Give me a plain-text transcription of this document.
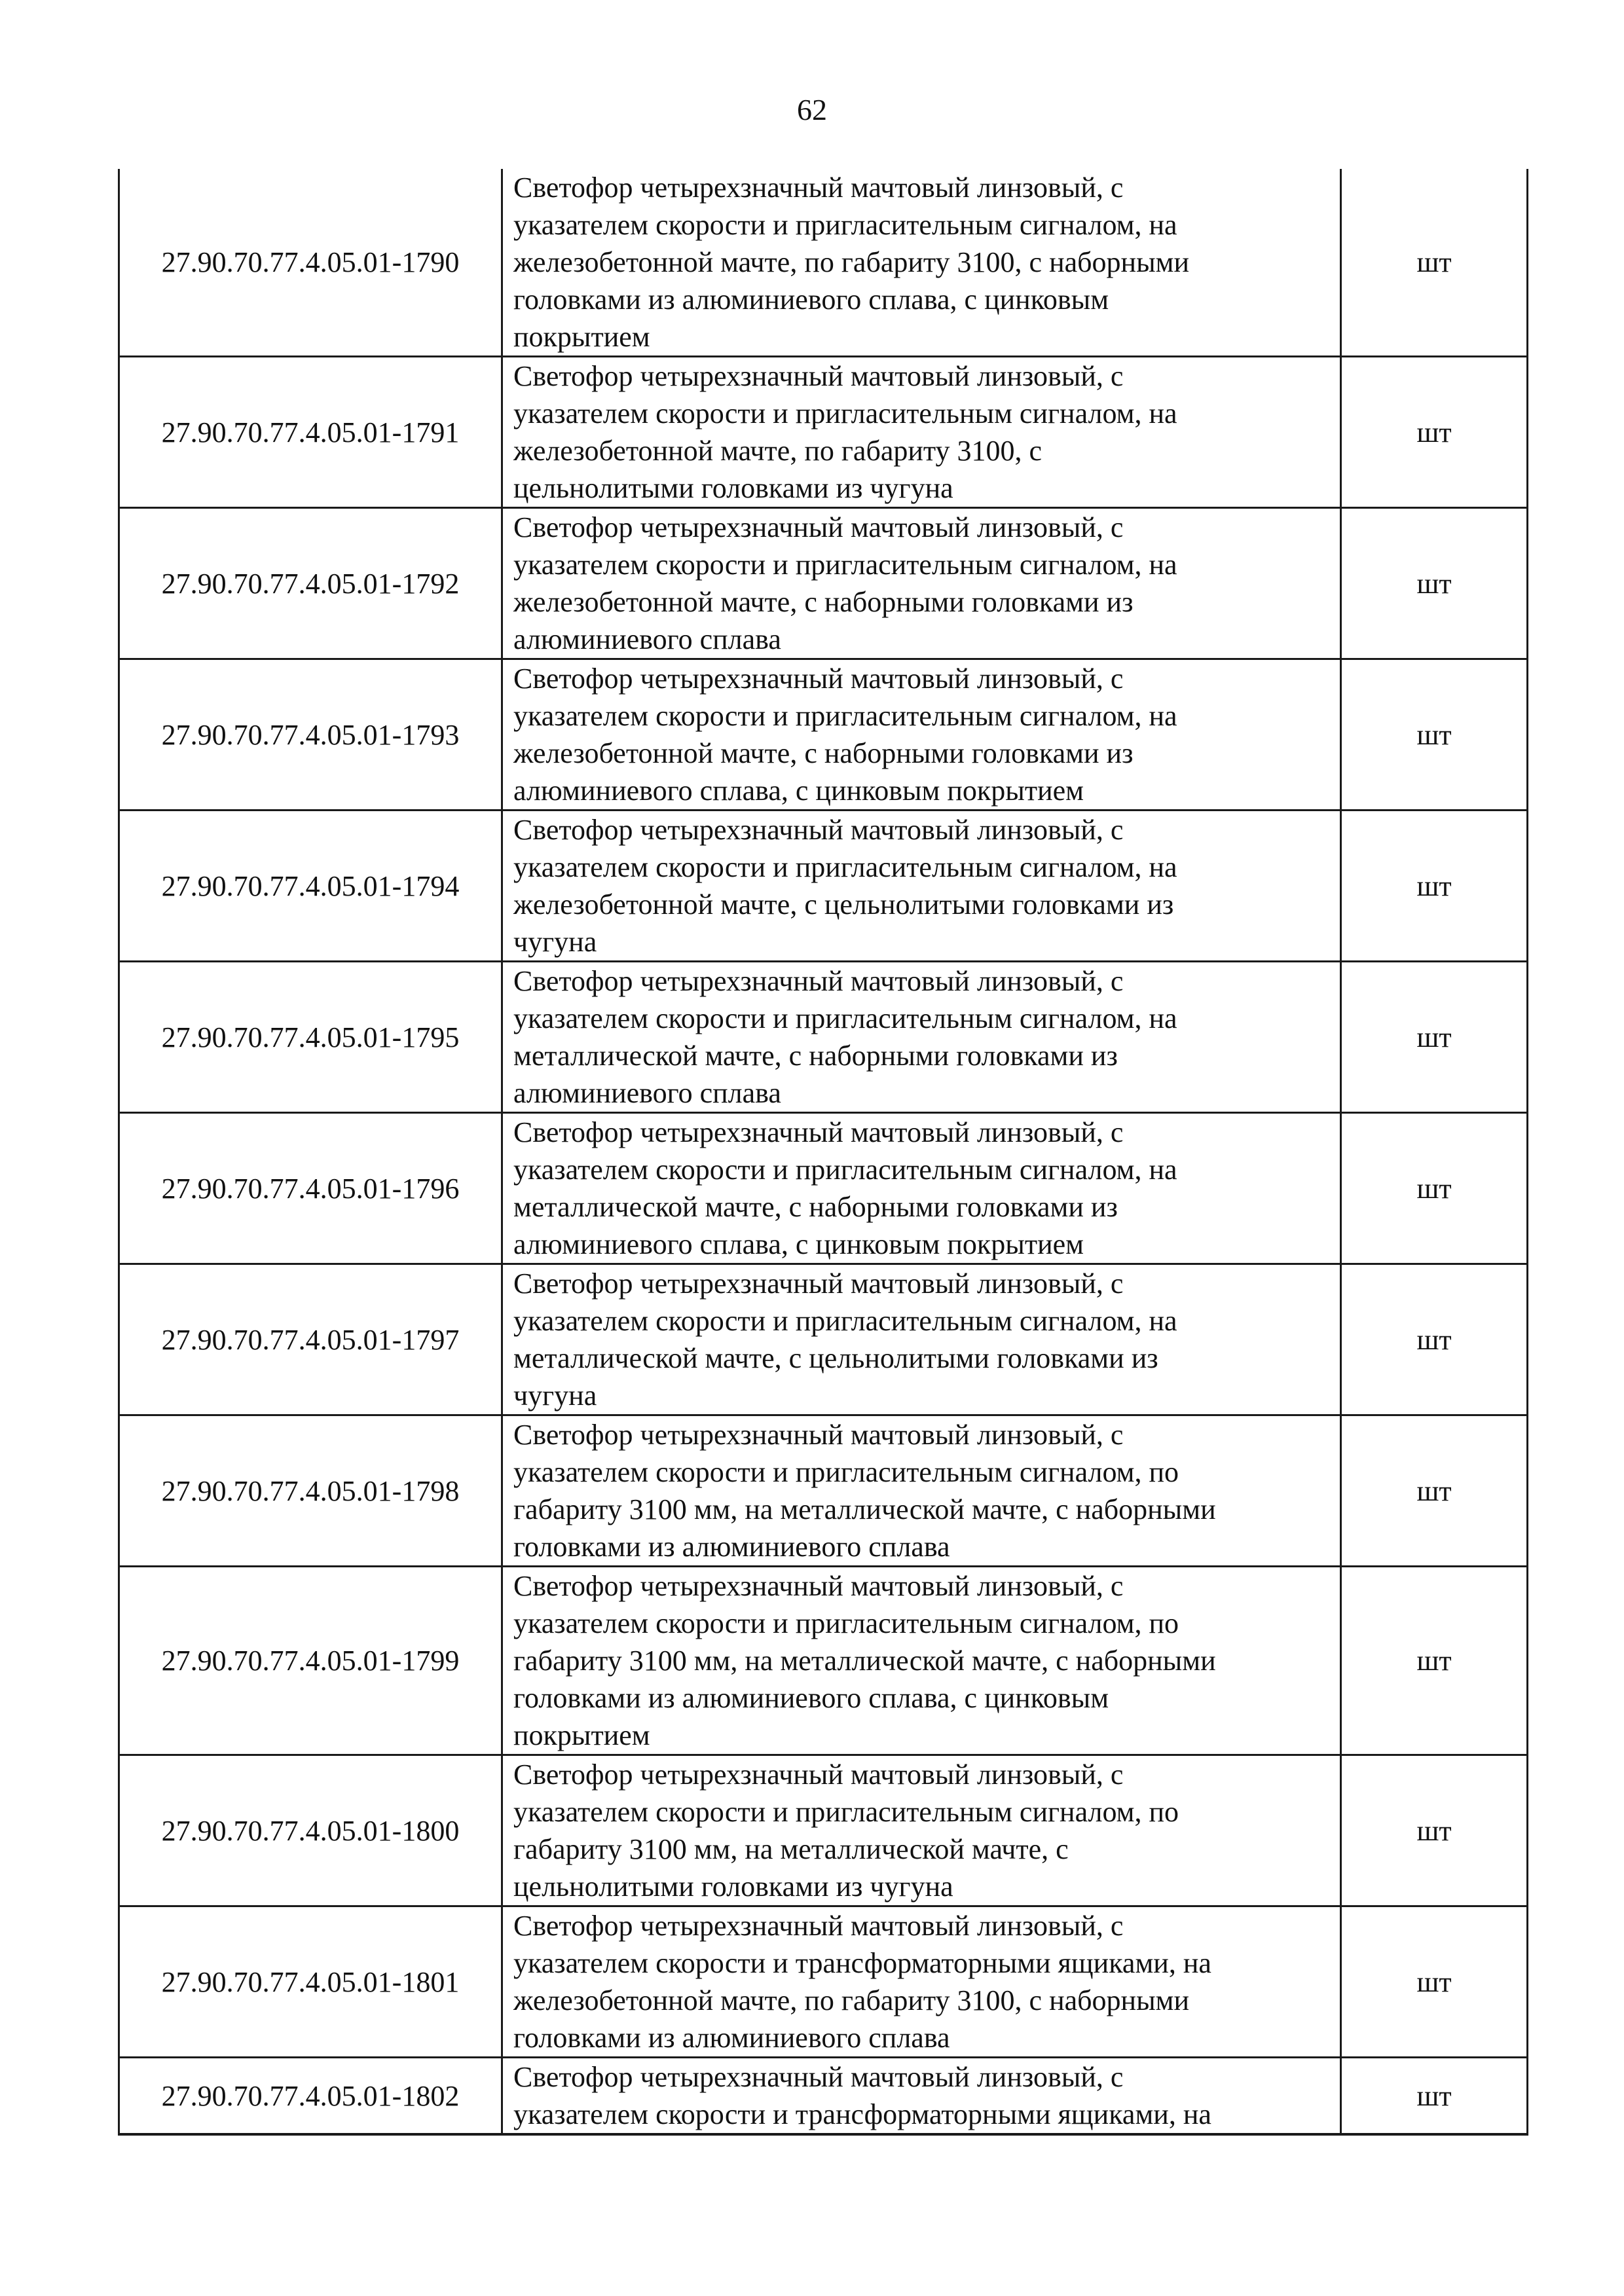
62
27.90.70.77.4.05.01-1790	Светофор четырехзначный мачтовый линзовый, с
указателем скорости и пригласительным сигналом, на
железобетонной мачте, по габариту 3100, с наборными
головками из алюминиевого сплава, с цинковым
покрытием	шт
27.90.70.77.4.05.01-1791	Светофор четырехзначный мачтовый линзовый, с
указателем скорости и пригласительным сигналом, на
железобетонной мачте, по габариту 3100, с
цельнолитыми головками из чугуна	шт
27.90.70.77.4.05.01-1792	Светофор четырехзначный мачтовый линзовый, с
указателем скорости и пригласительным сигналом, на
железобетонной мачте, с наборными головками из
алюминиевого сплава	шт
27.90.70.77.4.05.01-1793	Светофор четырехзначный мачтовый линзовый, с
указателем скорости и пригласительным сигналом, на
железобетонной мачте, с наборными головками из
алюминиевого сплава, с цинковым покрытием	шт
27.90.70.77.4.05.01-1794	Светофор четырехзначный мачтовый линзовый, с
указателем скорости и пригласительным сигналом, на
железобетонной мачте, с цельнолитыми головками из
чугуна	шт
27.90.70.77.4.05.01-1795	Светофор четырехзначный мачтовый линзовый, с
указателем скорости и пригласительным сигналом, на
металлической мачте, с наборными головками из
алюминиевого сплава	шт
27.90.70.77.4.05.01-1796	Светофор четырехзначный мачтовый линзовый, с
указателем скорости и пригласительным сигналом, на
металлической мачте, с наборными головками из
алюминиевого сплава, с цинковым покрытием	шт
27.90.70.77.4.05.01-1797	Светофор четырехзначный мачтовый линзовый, с
указателем скорости и пригласительным сигналом, на
металлической мачте, с цельнолитыми головками из
чугуна	шт
27.90.70.77.4.05.01-1798	Светофор четырехзначный мачтовый линзовый, с
указателем скорости и пригласительным сигналом, по
габариту 3100 мм, на металлической мачте, с наборными
головками из алюминиевого сплава	шт
27.90.70.77.4.05.01-1799	Светофор четырехзначный мачтовый линзовый, с
указателем скорости и пригласительным сигналом, по
габариту 3100 мм, на металлической мачте, с наборными
головками из алюминиевого сплава, с цинковым
покрытием	шт
27.90.70.77.4.05.01-1800	Светофор четырехзначный мачтовый линзовый, с
указателем скорости и пригласительным сигналом, по
габариту 3100 мм, на металлической мачте, с
цельнолитыми головками из чугуна	шт
27.90.70.77.4.05.01-1801	Светофор четырехзначный мачтовый линзовый, с
указателем скорости и трансформаторными ящиками, на
железобетонной мачте, по габариту 3100, с наборными
головками из алюминиевого сплава	шт
27.90.70.77.4.05.01-1802	Светофор четырехзначный мачтовый линзовый, с
указателем скорости и трансформаторными ящиками, на	шт
